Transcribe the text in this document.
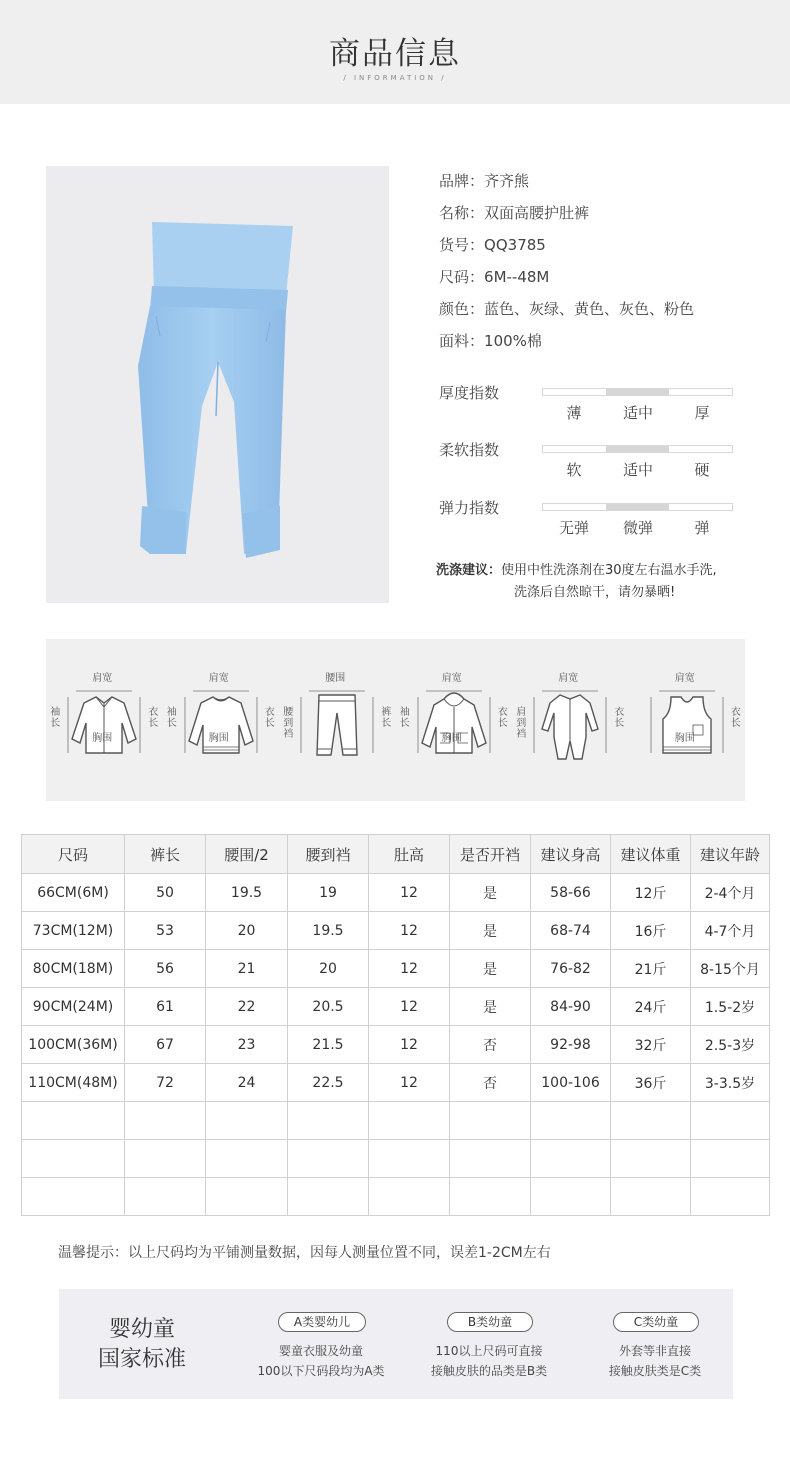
商品信息
/ INFORMATION /
品牌：齐齐熊
名称：双面高腰护肚裤
货号：QQ3785
尺码：6M--48M
颜色：蓝色、灰绿、黄色、灰色、粉色
面料：100%棉
厚度指数
薄	适中	厚
柔软指数
软	适中	硬
弹力指数
无弹	微弹	弹
洗涤建议：使用中性洗涤剂在30度左右温水手洗,
洗涤后自然晾干，请勿暴晒!
肩宽
袖长
衣长
胸围
肩宽
袖长
衣长
胸围
腰围
腰到裆
裤长
肩宽
袖长
衣长
胸围
肩宽
肩到裆
衣长
肩宽
衣长
胸围
尺码	裤长	腰围/2	腰到裆	肚高	是否开裆	建议身高	建议体重	建议年龄
66CM(6M)	50	19.5	19	12	是	58-66	12斤	2-4个月
73CM(12M)	53	20	19.5	12	是	68-74	16斤	4-7个月
80CM(18M)	56	21	20	12	是	76-82	21斤	8-15个月
90CM(24M)	61	22	20.5	12	是	84-90	24斤	1.5-2岁
100CM(36M)	67	23	21.5	12	否	92-98	32斤	2.5-3岁
110CM(48M)	72	24	22.5	12	否	100-106	36斤	3-3.5岁

温馨提示：以上尺码均为平铺测量数据，因每人测量位置不同，误差1-2CM左右
婴幼童
国家标准
A类婴幼儿
婴童衣服及幼童
100以下尺码段均为A类
B类幼童
110以上尺码可直接
接触皮肤的品类是B类
C类幼童
外套等非直接
接触皮肤类是C类
